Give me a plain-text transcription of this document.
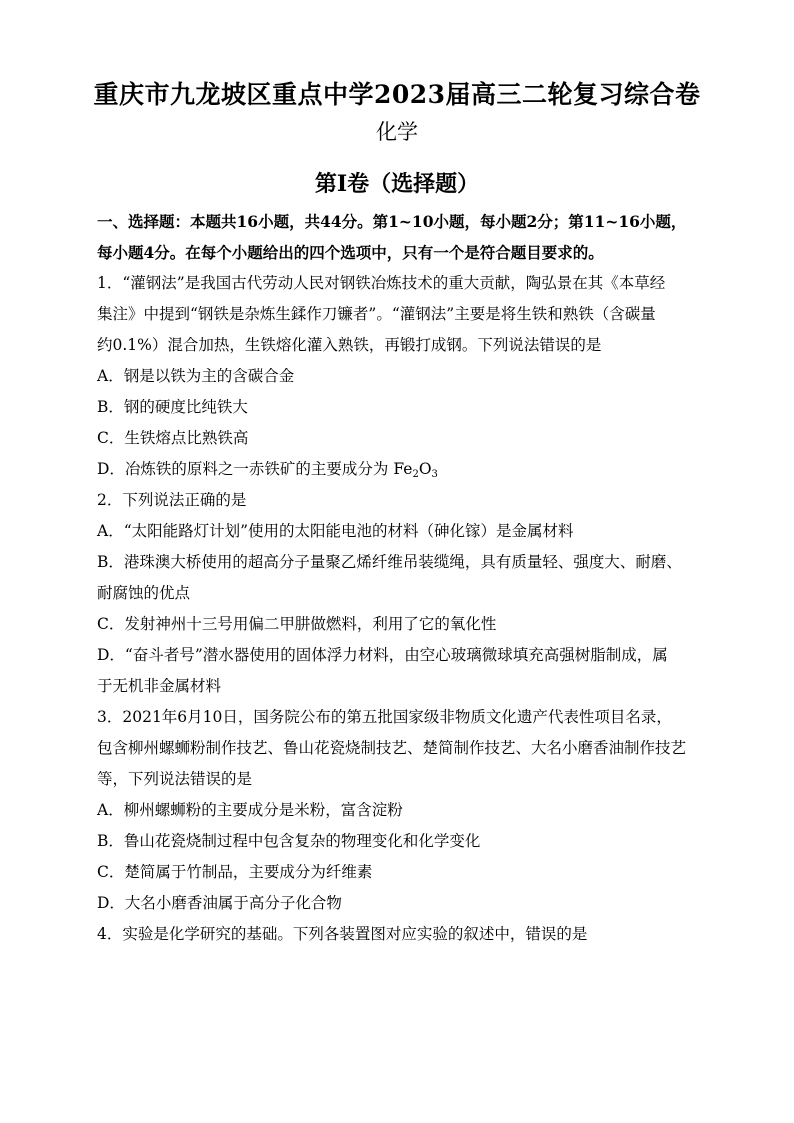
重庆市九龙坡区重点中学2023届高三二轮复习综合卷
化学
第Ⅰ卷（选择题）
一、选择题：本题共16小题，共44分。第1~10小题，每小题2分；第11~16小题，
每小题4分。在每个小题给出的四个选项中，只有一个是符合题目要求的。
1．“灌钢法”是我国古代劳动人民对钢铁冶炼技术的重大贡献，陶弘景在其《本草经
集注》中提到“钢铁是杂炼生鍒作刀镰者”。“灌钢法”主要是将生铁和熟铁（含碳量
约0.1%）混合加热，生铁熔化灌入熟铁，再锻打成钢。下列说法错误的是
A．钢是以铁为主的含碳合金
B．钢的硬度比纯铁大
C．生铁熔点比熟铁高
D．冶炼铁的原料之一赤铁矿的主要成分为 $Fe_2O_3$
2．下列说法正确的是
A．“太阳能路灯计划”使用的太阳能电池的材料（砷化镓）是金属材料
B．港珠澳大桥使用的超高分子量聚乙烯纤维吊装缆绳，具有质量轻、强度大、耐磨、
耐腐蚀的优点
C．发射神州十三号用偏二甲肼做燃料，利用了它的氧化性
D．“奋斗者号”潜水器使用的固体浮力材料，由空心玻璃微球填充高强树脂制成，属
于无机非金属材料
3．2021年6月10日，国务院公布的第五批国家级非物质文化遗产代表性项目名录，
包含柳州螺蛳粉制作技艺、鲁山花瓷烧制技艺、楚简制作技艺、大名小磨香油制作技艺
等，下列说法错误的是
A．柳州螺蛳粉的主要成分是米粉，富含淀粉
B．鲁山花瓷烧制过程中包含复杂的物理变化和化学变化
C．楚简属于竹制品，主要成分为纤维素
D．大名小磨香油属于高分子化合物
4．实验是化学研究的基础。下列各装置图对应实验的叙述中，错误的是
